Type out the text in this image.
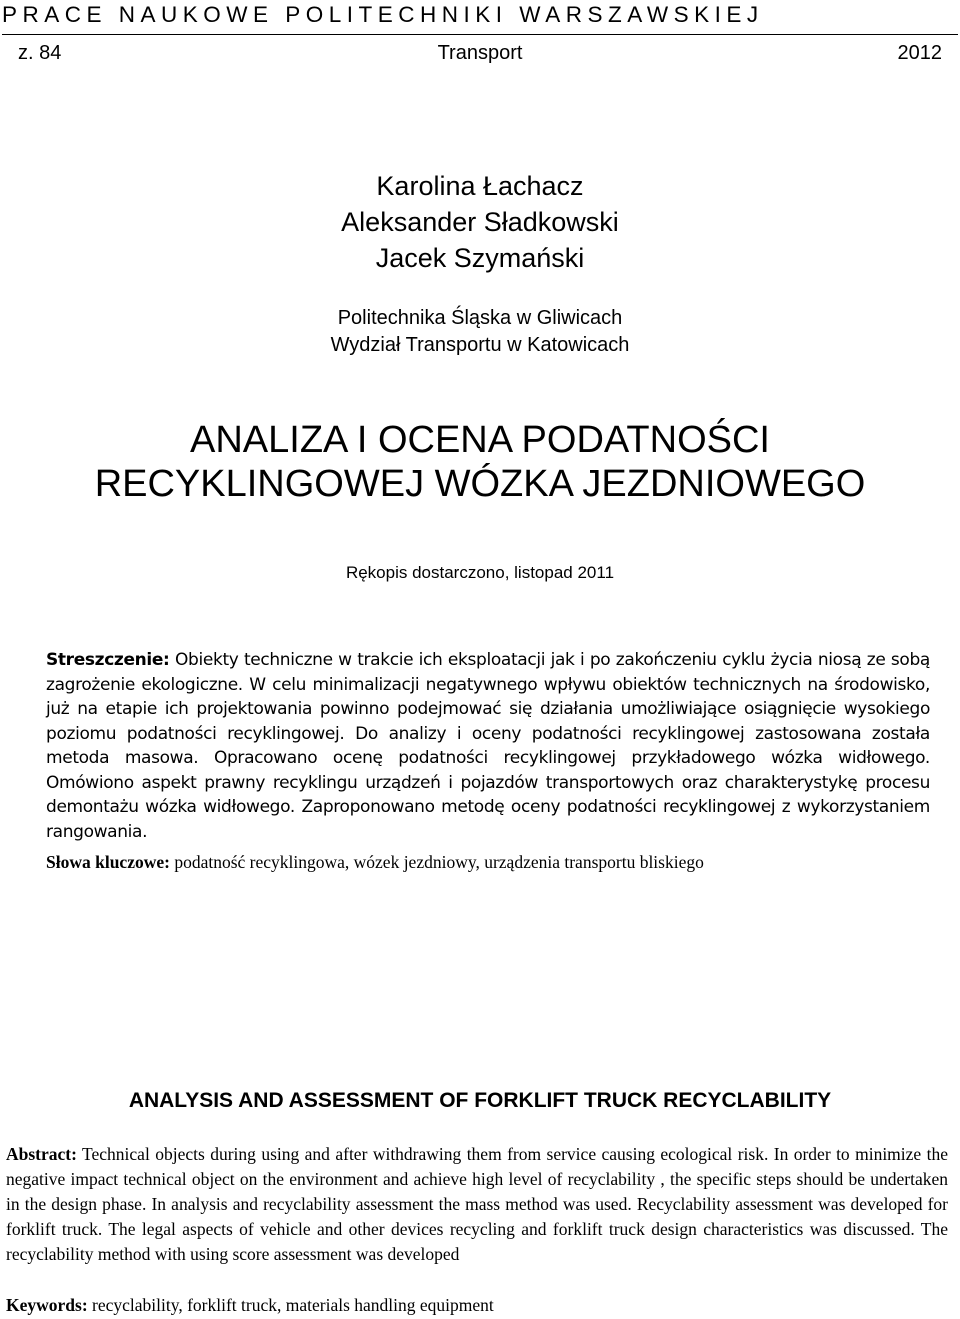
PRACE NAUKOWE POLITECHNIKI WARSZAWSKIEJ
Transport
z. 84	2012
Karolina Łachacz
Aleksander Sładkowski
Jacek Szymański
Politechnika Śląska w Gliwicach
Wydział Transportu w Katowicach
ANALIZA I OCENA PODATNOŚCI
RECYKLINGOWEJ WÓZKA JEZDNIOWEGO
Rękopis dostarczono, listopad 2011
Streszczenie: Obiekty techniczne w trakcie ich eksploatacji jak i po zakończeniu cyklu życia niosą ze sobą zagrożenie ekologiczne. W celu minimalizacji negatywnego wpływu obiektów technicznych na środowisko, już na etapie ich projektowania powinno podejmować się działania umożliwiające osiągnięcie wysokiego poziomu podatności recyklingowej. Do analizy i oceny podatności recyklingowej zastosowana została metoda masowa. Opracowano ocenę podatności recyklingowej przykładowego wózka widłowego. Omówiono aspekt prawny recyklingu urządzeń i pojazdów transportowych oraz charakterystykę procesu demontażu wózka widłowego. Zaproponowano metodę oceny podatności recyklingowej z wykorzystaniem rangowania.
Słowa kluczowe: podatność recyklingowa, wózek jezdniowy, urządzenia transportu bliskiego
ANALYSIS AND ASSESSMENT OF FORKLIFT TRUCK RECYCLABILITY
Abstract: Technical objects during using and after withdrawing them from service causing ecological risk. In order to minimize the negative impact technical object on the environment and achieve high level of recyclability , the specific steps should be undertaken in the design phase. In analysis and recyclability assessment the mass method was used. Recyclability assessment was developed for forklift truck. The legal aspects of vehicle and other devices recycling and forklift truck design characteristics was discussed. The recyclability method with using score assessment was developed
Keywords: recyclability, forklift truck, materials handling equipment
